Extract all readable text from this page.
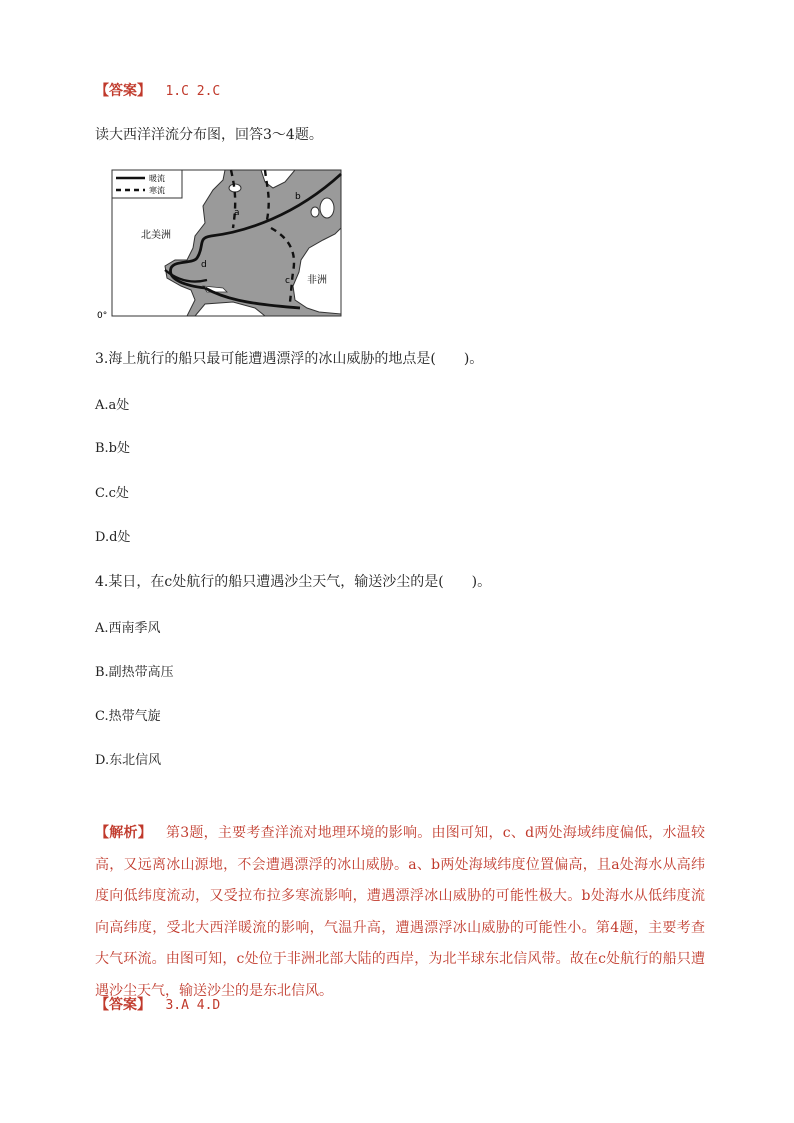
【答案】 1.C 2.C
读大西洋洋流分布图，回答3～4题。
暖流
寒流
a
b
c
d
北美洲
非洲
0°
3.海上航行的船只最可能遭遇漂浮的冰山威胁的地点是(　　)。
A.a处
B.b处
C.c处
D.d处
4.某日，在c处航行的船只遭遇沙尘天气，输送沙尘的是(　　)。
A.西南季风
B.副热带高压
C.热带气旋
D.东北信风
【解析】 第3题，主要考查洋流对地理环境的影响。由图可知，c、d两处海域纬度偏低，水温较高，又远离冰山源地，不会遭遇漂浮的冰山威胁。a、b两处海域纬度位置偏高，且a处海水从高纬度向低纬度流动，又受拉布拉多寒流影响，遭遇漂浮冰山威胁的可能性极大。b处海水从低纬度流向高纬度，受北大西洋暖流的影响，气温升高，遭遇漂浮冰山威胁的可能性小。第4题，主要考查大气环流。由图可知，c处位于非洲北部大陆的西岸，为北半球东北信风带。故在c处航行的船只遭遇沙尘天气，输送沙尘的是东北信风。
【答案】 3.A 4.D
